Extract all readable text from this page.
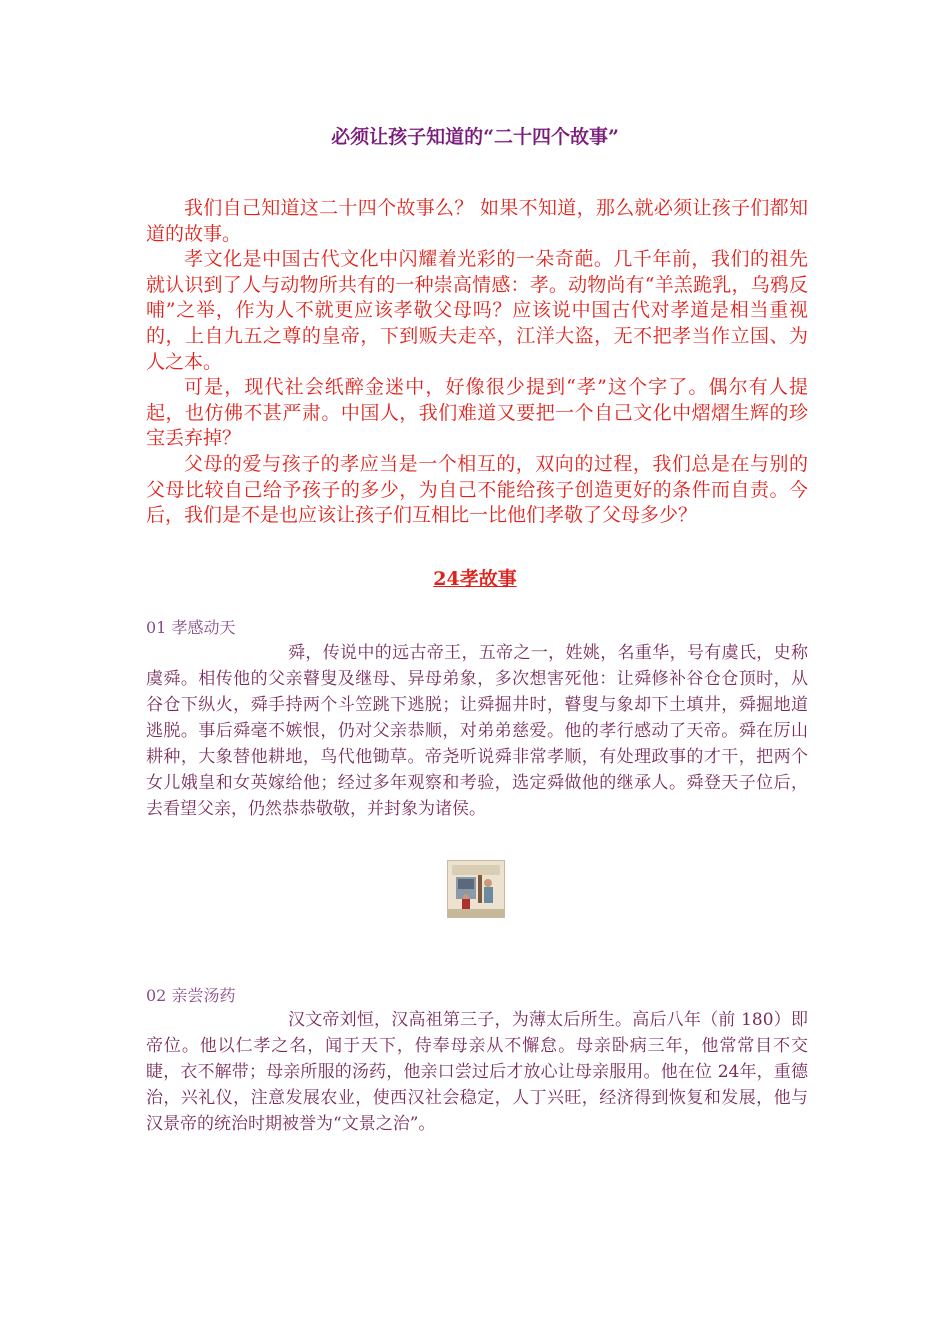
必须让孩子知道的“二十四个故事”

我们自己知道这二十四个故事么？ 如果不知道，那么就必须让孩子们都知道的故事。

孝文化是中国古代文化中闪耀着光彩的一朵奇葩。几千年前，我们的祖先就认识到了人与动物所共有的一种崇高情感：孝。动物尚有“羊羔跪乳，乌鸦反哺”之举，作为人不就更应该孝敬父母吗？应该说中国古代对孝道是相当重视的，上自九五之尊的皇帝，下到贩夫走卒，江洋大盗，无不把孝当作立国、为人之本。

可是，现代社会纸醉金迷中，好像很少提到“孝”这个字了。偶尔有人提起，也仿佛不甚严肃。中国人，我们难道又要把一个自己文化中熠熠生辉的珍宝丢弃掉？

父母的爱与孩子的孝应当是一个相互的，双向的过程，我们总是在与别的父母比较自己给予孩子的多少，为自己不能给孩子创造更好的条件而自责。今后，我们是不是也应该让孩子们互相比一比他们孝敬了父母多少？

24孝故事
01 孝感动天

舜，传说中的远古帝王，五帝之一，姓姚，名重华，号有虞氏，史称虞舜。相传他的父亲瞽叟及继母、异母弟象，多次想害死他：让舜修补谷仓仓顶时，从谷仓下纵火，舜手持两个斗笠跳下逃脱；让舜掘井时，瞽叟与象却下土填井，舜掘地道逃脱。事后舜毫不嫉恨，仍对父亲恭顺，对弟弟慈爱。他的孝行感动了天帝。舜在厉山耕种，大象替他耕地，鸟代他锄草。帝尧听说舜非常孝顺，有处理政事的才干，把两个女儿娥皇和女英嫁给他；经过多年观察和考验，选定舜做他的继承人。舜登天子位后，去看望父亲，仍然恭恭敬敬，并封象为诸侯。

02 亲尝汤药

汉文帝刘恒，汉高祖第三子，为薄太后所生。高后八年（前 180）即帝位。他以仁孝之名，闻于天下，侍奉母亲从不懈怠。母亲卧病三年，他常常目不交睫，衣不解带；母亲所服的汤药，他亲口尝过后才放心让母亲服用。他在位 24年，重德治，兴礼仪，注意发展农业，使西汉社会稳定，人丁兴旺，经济得到恢复和发展，他与汉景帝的统治时期被誉为“文景之治”。
